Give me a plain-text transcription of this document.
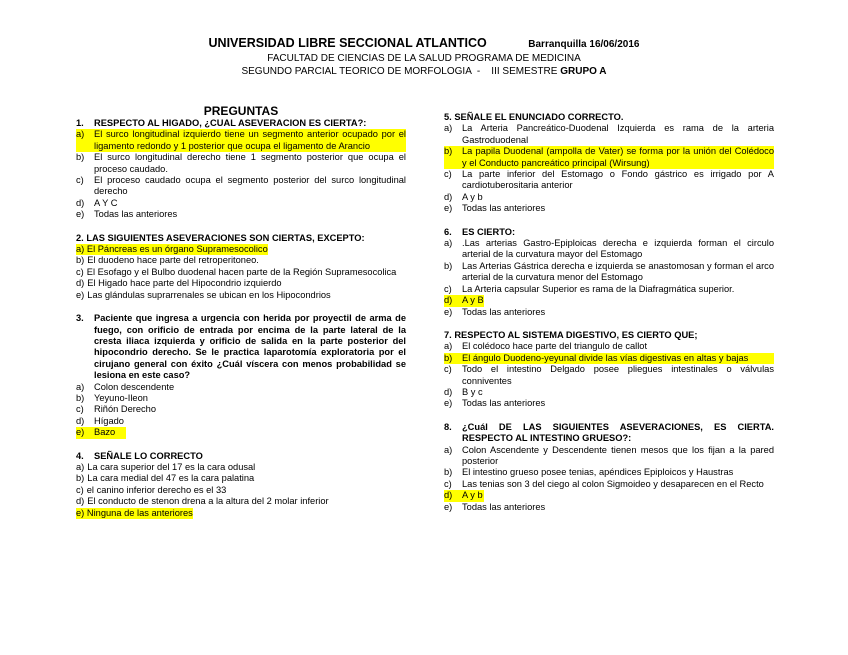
UNIVERSIDAD LIBRE SECCIONAL ATLANTICO	Barranquilla 16/06/2016
FACULTAD DE CIENCIAS DE LA SALUD PROGRAMA DE MEDICINA
SEGUNDO PARCIAL TEORICO DE MORFOLOGIA  -    III SEMESTRE GRUPO A
PREGUNTAS
1.	RESPECTO AL HIGADO, ¿CUAL ASEVERACION ES CIERTA?:
a)	El surco longitudinal izquierdo tiene un segmento anterior ocupado por el ligamento redondo y 1 posterior que ocupa el ligamento de Arancio
b)	El surco longitudinal derecho tiene 1 segmento posterior que ocupa el proceso caudado.
c)	El proceso caudado ocupa el segmento posterior del surco longitudinal derecho
d)	A Y C
e)	Todas las anteriores
2. LAS SIGUIENTES ASEVERACIONES SON CIERTAS, EXCEPTO:
a) El Páncreas es un órgano Supramesocolico
b) El duodeno hace parte del retroperitoneo.
c) El Esofago y el Bulbo duodenal hacen parte de la Región Supramesocolica
d) El Higado hace parte del Hipocondrio izquierdo
e) Las glándulas suprarrenales se ubican en los Hipocondrios
3.	Paciente que ingresa a urgencia con herida por proyectil de arma de fuego, con orificio de entrada por encima de la parte lateral de la cresta iliaca izquierda y orificio de salida en la parte posterior del hipocondrio derecho. Se le practica laparotomía exploratoria por el cirujano general con éxito ¿Cuál víscera con menos probabilidad se lesiona en este caso?
a)	Colon descendente
b)	Yeyuno-Ileon
c)	Riñón Derecho
d)	Hígado
e) Bazo
4.	SEÑALE LO CORRECTO
a) La cara superior del 17 es la cara odusal
b) La cara medial del 47 es la cara palatina
c) el canino inferior derecho es el 33
d) El conducto de stenon drena a la altura del 2 molar inferior
e) Ninguna de las anteriores
5. SEÑALE EL ENUNCIADO CORRECTO.
a)	La Arteria Pancreático-Duodenal Izquierda es rama de la arteria Gastroduodenal
b)	La papila Duodenal (ampolla de Vater) se forma por la unión del Colédoco y el Conducto pancreático principal (Wirsung)
c)	La parte inferior del Estomago o Fondo gástrico es irrigado por A cardiotuberositaria anterior
d)	A y b
e)	Todas las anteriores
6.	ES CIERTO:
a)	.Las arterias Gastro-Epiploicas derecha e izquierda forman el circulo arterial de la curvatura mayor del Estomago
b)	Las Arterias Gástrica derecha e izquierda se anastomosan y forman el arco arterial de la curvatura menor del Estomago
c)	La Arteria capsular Superior es rama de la Diafragmática superior.
d) A y B
e)	Todas las anteriores
7. RESPECTO AL SISTEMA DIGESTIVO, ES CIERTO QUE;
a)	El colédoco hace parte del triangulo de callot
b)	El ángulo Duodeno-yeyunal divide las vías digestivas en altas y bajas
c)	Todo el intestino Delgado posee pliegues intestinales o válvulas conniventes
d)	B y c
e)	Todas las anteriores
8.	¿Cuál DE LAS SIGUIENTES ASEVERACIONES, ES CIERTA. RESPECTO AL INTESTINO GRUESO?:
a)	Colon Ascendente y Descendente tienen mesos que los fijan a la pared posterior
b)	El intestino grueso posee tenias, apéndices Epiploicos y Haustras
c)	Las tenias son 3 del ciego al colon Sigmoideo y desaparecen en el Recto
d) A y b
e)	Todas las anteriores
